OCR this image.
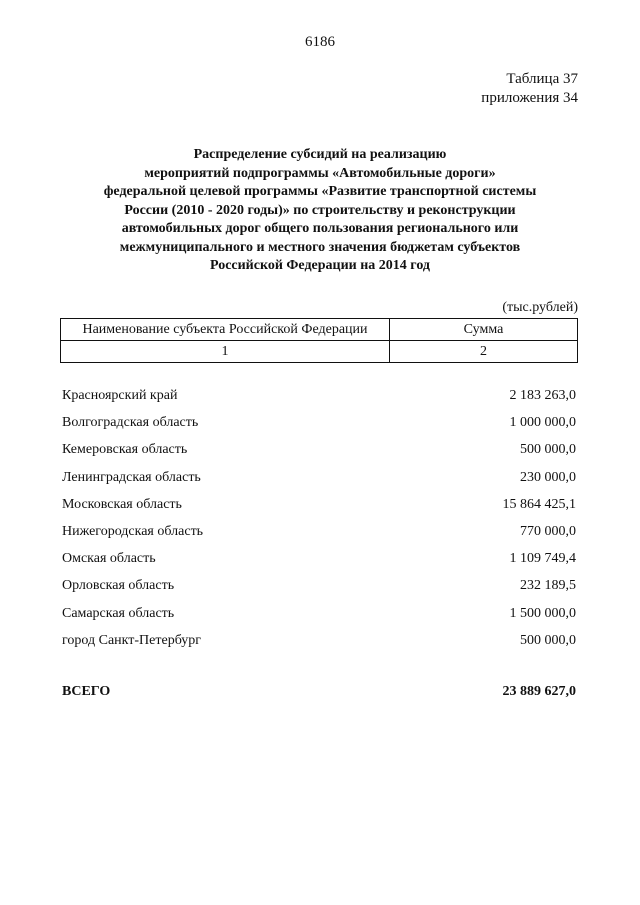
6186
Таблица 37
приложения 34
Распределение субсидий на реализацию
мероприятий подпрограммы «Автомобильные дороги»
федеральной целевой программы «Развитие транспортной системы
России (2010 - 2020 годы)» по строительству и реконструкции
автомобильных дорог общего пользования регионального или
межмуниципального и местного значения бюджетам субъектов
Российской Федерации на 2014 год
(тыс.рублей)
Наименование субъекта Российской Федерации	Сумма
1	2
Красноярский край	2 183 263,0
Волгоградская область	1 000 000,0
Кемеровская область	500 000,0
Ленинградская область	230 000,0
Московская область	15 864 425,1
Нижегородская область	770 000,0
Омская область	1 109 749,4
Орловская область	232 189,5
Самарская область	1 500 000,0
город Санкт-Петербург	500 000,0
ВСЕГО	23 889 627,0
